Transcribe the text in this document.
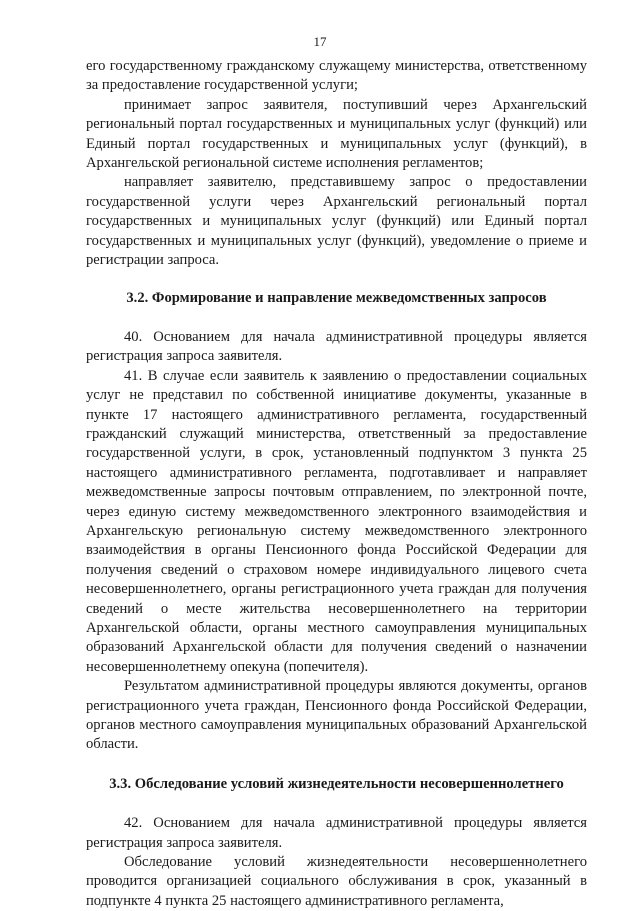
17

его государственному гражданскому служащему министерства, ответственному за предоставление государственной услуги;

принимает запрос заявителя, поступивший через Архангельский региональный портал государственных и муниципальных услуг (функций) или Единый портал государственных и муниципальных услуг (функций), в Архангельской региональной системе исполнения регламентов;

направляет заявителю, представившему запрос о предоставлении государственной услуги через Архангельский региональный портал государственных и муниципальных услуг (функций) или Единый портал государственных и муниципальных услуг (функций), уведомление о приеме и регистрации запроса.

3.2. Формирование и направление межведомственных запросов

40. Основанием для начала административной процедуры является регистрация запроса заявителя.

41. В случае если заявитель к заявлению о предоставлении социальных услуг не представил по собственной инициативе документы, указанные в пункте 17 настоящего административного регламента, государственный гражданский служащий министерства, ответственный за предоставление государственной услуги, в срок, установленный подпунктом 3 пункта 25 настоящего административного регламента, подготавливает и направляет межведомственные запросы почтовым отправлением, по электронной почте, через единую систему межведомственного электронного взаимодействия и Архангельскую региональную систему межведомственного электронного взаимодействия в органы Пенсионного фонда Российской Федерации для получения сведений о страховом номере индивидуального лицевого счета несовершеннолетнего, органы регистрационного учета граждан для получения сведений о месте жительства несовершеннолетнего на территории Архангельской области, органы местного самоуправления муниципальных образований Архангельской области для получения сведений о назначении несовершеннолетнему опекуна (попечителя).

Результатом административной процедуры являются документы, органов регистрационного учета граждан, Пенсионного фонда Российской Федерации, органов местного самоуправления муниципальных образований Архангельской области.

3.3. Обследование условий жизнедеятельности несовершеннолетнего

42. Основанием для начала административной процедуры является регистрация запроса заявителя.

Обследование условий жизнедеятельности несовершеннолетнего проводится организацией социального обслуживания в срок, указанный в подпункте 4 пункта 25 настоящего административного регламента,
